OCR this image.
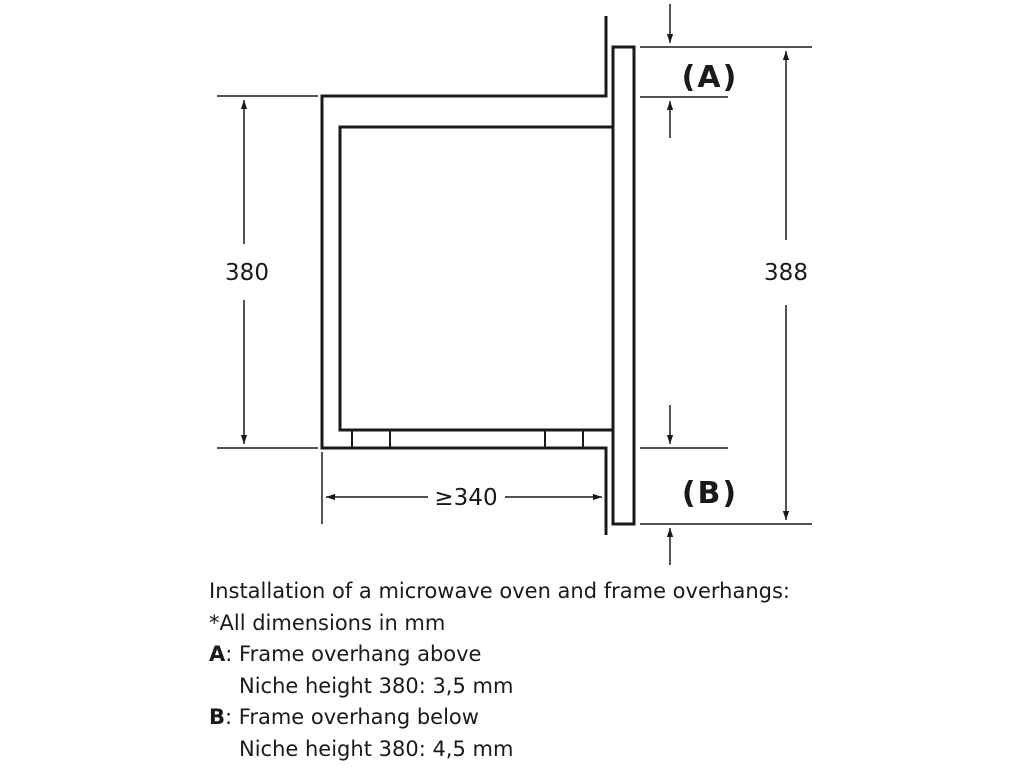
380
≥340
388
(A)
(B)
Installation of a microwave oven and frame overhangs:
*All dimensions in mm
A: Frame overhang above
Niche height 380: 3,5 mm
B: Frame overhang below
Niche height 380: 4,5 mm
